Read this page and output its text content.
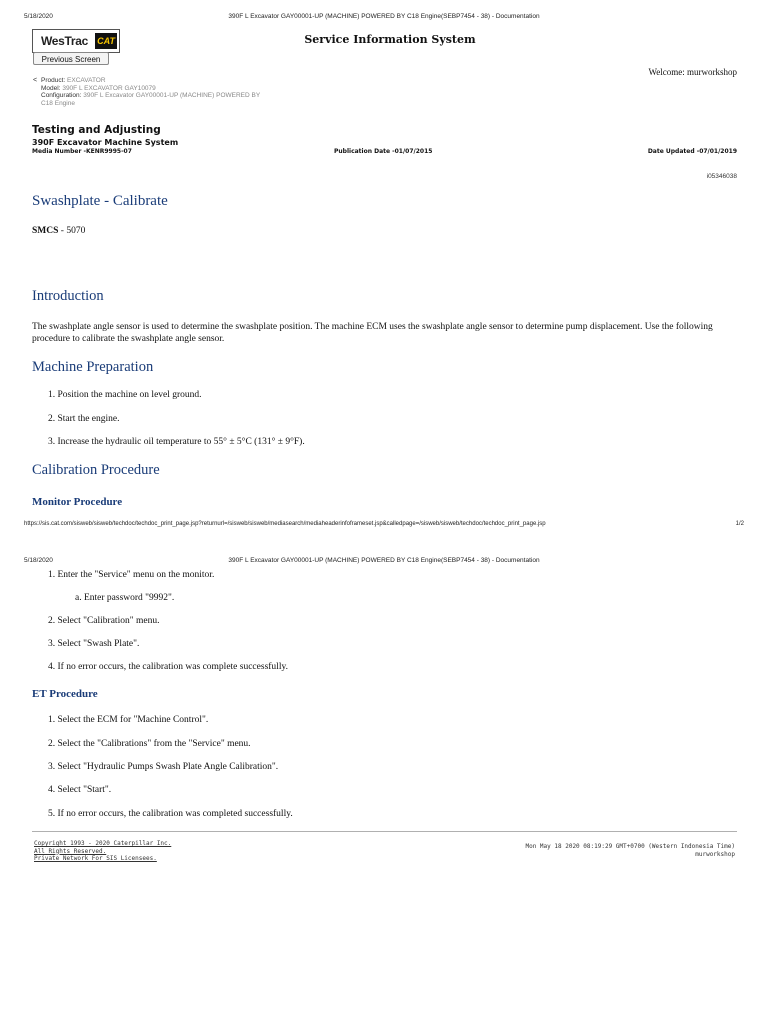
5/18/2020	390F L Excavator GAY00001-UP (MACHINE) POWERED BY C18 Engine(SEBP7454 - 38) - Documentation
WesTrac CAT
Previous Screen
Service Information System
Welcome: murworkshop
< Product: EXCAVATOR
Model: 390F L EXCAVATOR GAY10079
Configuration: 390F L Excavator GAY00001-UP (MACHINE) POWERED BY
C18 Engine
Testing and Adjusting
390F Excavator Machine System
Media Number -KENR9995-07	Publication Date -01/07/2015	Date Updated -07/01/2019
i05346038
Swashplate - Calibrate
SMCS - 5070
Introduction
The swashplate angle sensor is used to determine the swashplate position. The machine ECM uses the swashplate angle sensor to determine pump displacement. Use the following procedure to calibrate the swashplate angle sensor.
Machine Preparation
1. Position the machine on level ground.
2. Start the engine.
3. Increase the hydraulic oil temperature to 55° ± 5°C (131° ± 9°F).
Calibration Procedure
Monitor Procedure
https://sis.cat.com/sisweb/sisweb/techdoc/techdoc_print_page.jsp?returnurl=/sisweb/sisweb/mediasearch/mediaheaderinfoframeset.jsp&calledpage=/sisweb/sisweb/techdoc/techdoc_print_page.jsp	1/2
5/18/2020	390F L Excavator GAY00001-UP (MACHINE) POWERED BY C18 Engine(SEBP7454 - 38) - Documentation
1. Enter the "Service" menu on the monitor.
a. Enter password "9992".
2. Select "Calibration" menu.
3. Select "Swash Plate".
4. If no error occurs, the calibration was complete successfully.
ET Procedure
1. Select the ECM for "Machine Control".
2. Select the "Calibrations" from the "Service" menu.
3. Select "Hydraulic Pumps Swash Plate Angle Calibration".
4. Select "Start".
5. If no error occurs, the calibration was completed successfully.
Copyright 1993 - 2020 Caterpillar Inc.
All Rights Reserved.
Private Network For SIS Licensees.
Mon May 18 2020 08:19:29 GMT+0700 (Western Indonesia Time)
murworkshop
